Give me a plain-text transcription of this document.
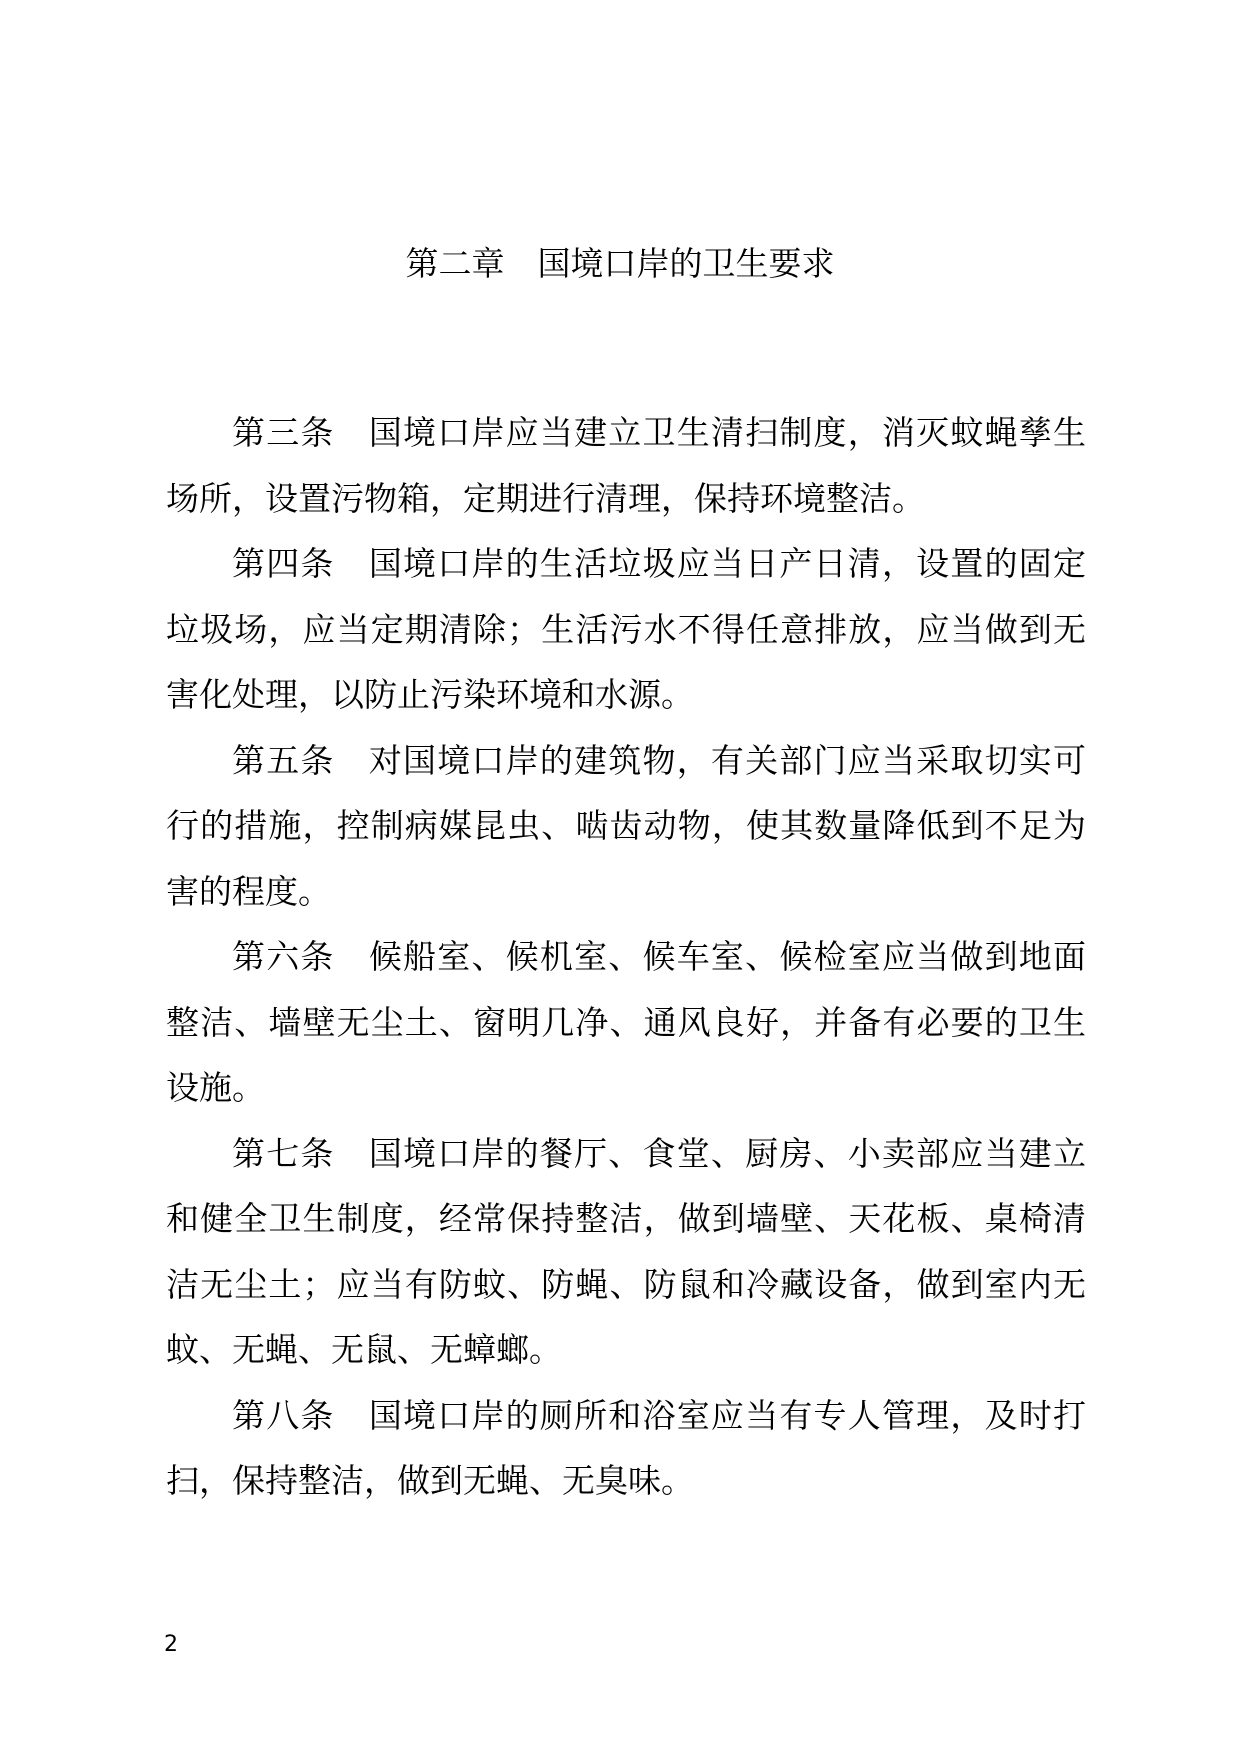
第二章 国境口岸的卫生要求

第三条 国境口岸应当建立卫生清扫制度，消灭蚊蝇孳生场所，设置污物箱，定期进行清理，保持环境整洁。

第四条 国境口岸的生活垃圾应当日产日清，设置的固定垃圾场，应当定期清除；生活污水不得任意排放，应当做到无害化处理，以防止污染环境和水源。

第五条 对国境口岸的建筑物，有关部门应当采取切实可行的措施，控制病媒昆虫、啮齿动物，使其数量降低到不足为害的程度。

第六条 候船室、候机室、候车室、候检室应当做到地面整洁、墙壁无尘土、窗明几净、通风良好，并备有必要的卫生设施。

第七条 国境口岸的餐厅、食堂、厨房、小卖部应当建立和健全卫生制度，经常保持整洁，做到墙壁、天花板、桌椅清洁无尘土；应当有防蚊、防蝇、防鼠和冷藏设备，做到室内无蚊、无蝇、无鼠、无蟑螂。

第八条 国境口岸的厕所和浴室应当有专人管理，及时打扫，保持整洁，做到无蝇、无臭味。

2
